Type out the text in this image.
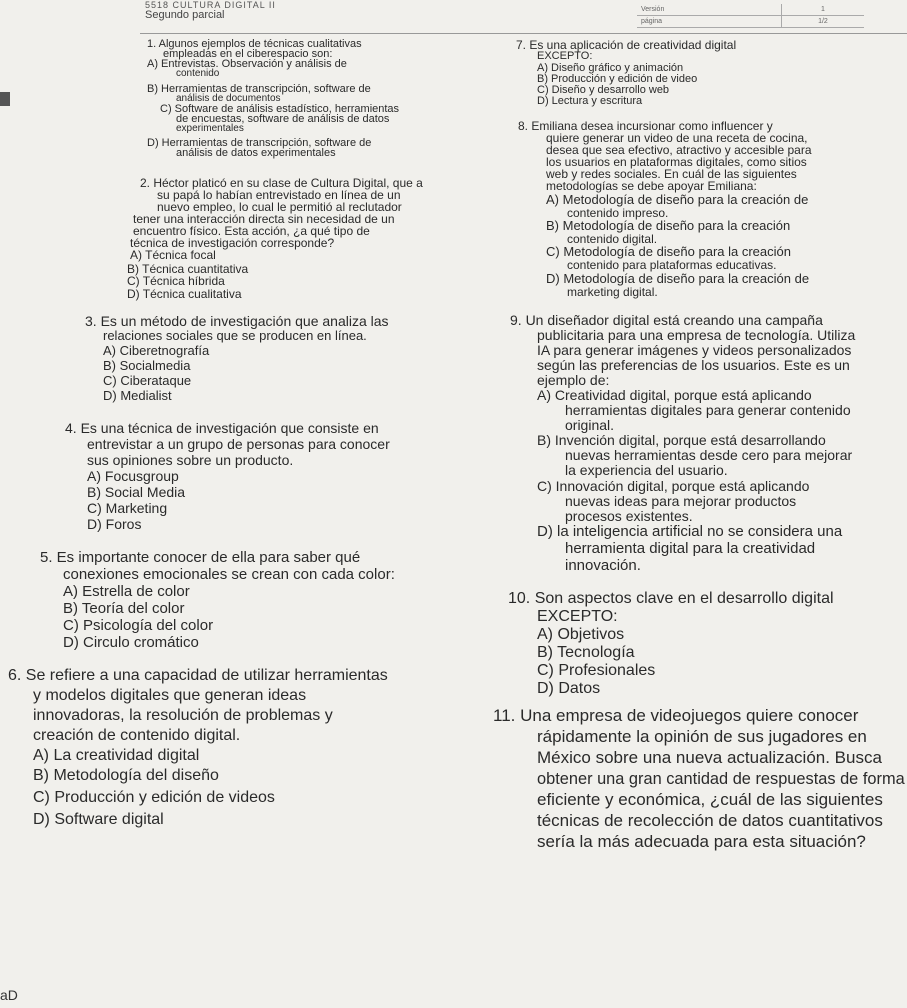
5518 CULTURA DIGITAL II
Segundo parcial	Versión	1
página	1/2
1. Algunos ejemplos de técnicas cualitativas
empleadas en el ciberespacio son:
A) Entrevistas. Observación y análisis de
contenido
B) Herramientas de transcripción, software de
análisis de documentos
C) Software de análisis estadístico, herramientas
de encuestas, software de análisis de datos
experimentales
D) Herramientas de transcripción, software de
análisis de datos experimentales
2. Héctor platicó en su clase de Cultura Digital, que a
su papá lo habían entrevistado en línea de un
nuevo empleo, lo cual le permitió al reclutador
tener una interacción directa sin necesidad de un
encuentro físico. Esta acción, ¿a qué tipo de
técnica de investigación corresponde?
A) Técnica focal
B) Técnica cuantitativa
C) Técnica híbrida
D) Técnica cualitativa
3. Es un método de investigación que analiza las
relaciones sociales que se producen en línea.
A) Ciberetnografía
B) Socialmedia
C) Ciberataque
D) Medialist
4. Es una técnica de investigación que consiste en
entrevistar a un grupo de personas para conocer
sus opiniones sobre un producto.
A) Focusgroup
B) Social Media
C) Marketing
D) Foros
5. Es importante conocer de ella para saber qué
conexiones emocionales se crean con cada color:
A) Estrella de color
B) Teoría del color
C) Psicología del color
D) Circulo cromático
6. Se refiere a una capacidad de utilizar herramientas
y modelos digitales que generan ideas
innovadoras, la resolución de problemas y
creación de contenido digital.
A) La creatividad digital
B) Metodología del diseño
C) Producción y edición de videos
D) Software digital
7. Es una aplicación de creatividad digital
EXCEPTO:
A) Diseño gráfico y animación
B) Producción y edición de video
C) Diseño y desarrollo web
D) Lectura y escritura
8. Emiliana desea incursionar como influencer y
quiere generar un video de una receta de cocina,
desea que sea efectivo, atractivo y accesible para
los usuarios en plataformas digitales, como sitios
web y redes sociales. En cuál de las siguientes
metodologías se debe apoyar Emiliana:
A) Metodología de diseño para la creación de
contenido impreso.
B) Metodología de diseño para la creación
contenido digital.
C) Metodología de diseño para la creación
contenido para plataformas educativas.
D) Metodología de diseño para la creación de
marketing digital.
9. Un diseñador digital está creando una campaña
publicitaria para una empresa de tecnología. Utiliza
IA para generar imágenes y videos personalizados
según las preferencias de los usuarios. Este es un
ejemplo de:
A) Creatividad digital, porque está aplicando
herramientas digitales para generar contenido
original.
B) Invención digital, porque está desarrollando
nuevas herramientas desde cero para mejorar
la experiencia del usuario.
C) Innovación digital, porque está aplicando
nuevas ideas para mejorar productos
procesos existentes.
D) la inteligencia artificial no se considera una
herramienta digital para la creatividad
innovación.
10. Son aspectos clave en el desarrollo digital
EXCEPTO:
A) Objetivos
B) Tecnología
C) Profesionales
D) Datos
11. Una empresa de videojuegos quiere conocer
rápidamente la opinión de sus jugadores en
México sobre una nueva actualización. Busca
obtener una gran cantidad de respuestas de forma
eficiente y económica, ¿cuál de las siguientes
técnicas de recolección de datos cuantitativos
sería la más adecuada para esta situación?
aD
